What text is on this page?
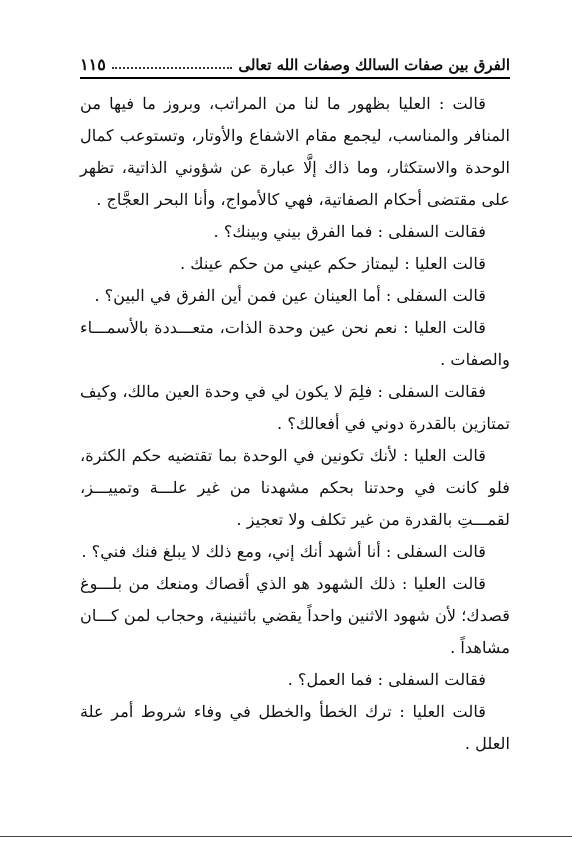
الفرق بين صفات السالك وصفات الله تعالى
١١٥

قالت : العليا بظهور ما لنا من المراتب، وبروز ما فيها من المنافر والمناسب، ليجمع مقام الاشفاع والأوتار، وتستوعب كمال الوحدة والاستكثار، وما ذاك إلَّا عبارة عن شؤوني الذاتية، تظهر على مقتضى أحكام الصفاتية، فهي كالأمواج، وأنا البحر العجَّاج .

فقالت السفلى : فما الفرق بيني وبينك؟ .

قالت العليا : ليمتاز حكم عيني من حكم عينك .

قالت السفلى : أما العينان عين فمن أين الفرق في البين؟ .

قالت العليا : نعم نحن عين وحدة الذات، متعـــددة بالأسمـــاء والصفات .

فقالت السفلى : فلِمَ لا يكون لي في وحدة العين مالك، وكيف تمتازين بالقدرة دوني في أفعالك؟ .

قالت العليا : لأنك تكونين في الوحدة بما تقتضيه حكم الكثرة، فلو كانت في وحدتنا بحكم مشهدنا من غير علـــة وتمييـــز، لقمـــتِ بالقدرة من غير تكلف ولا تعجيز .

قالت السفلى : أنا أشهد أنك إني، ومع ذلك لا يبلغ فنك فني؟ .

قالت العليا : ذلك الشهود هو الذي أقصاك ومنعك من بلـــوغ قصدك؛ لأن شهود الاثنين واحداً يقضي باثنينية، وحجاب لمن كـــان مشاهداً .

فقالت السفلى : فما العمل؟ .

قالت العليا : ترك الخطأ والخطل في وفاء شروط أمر علة العلل .
